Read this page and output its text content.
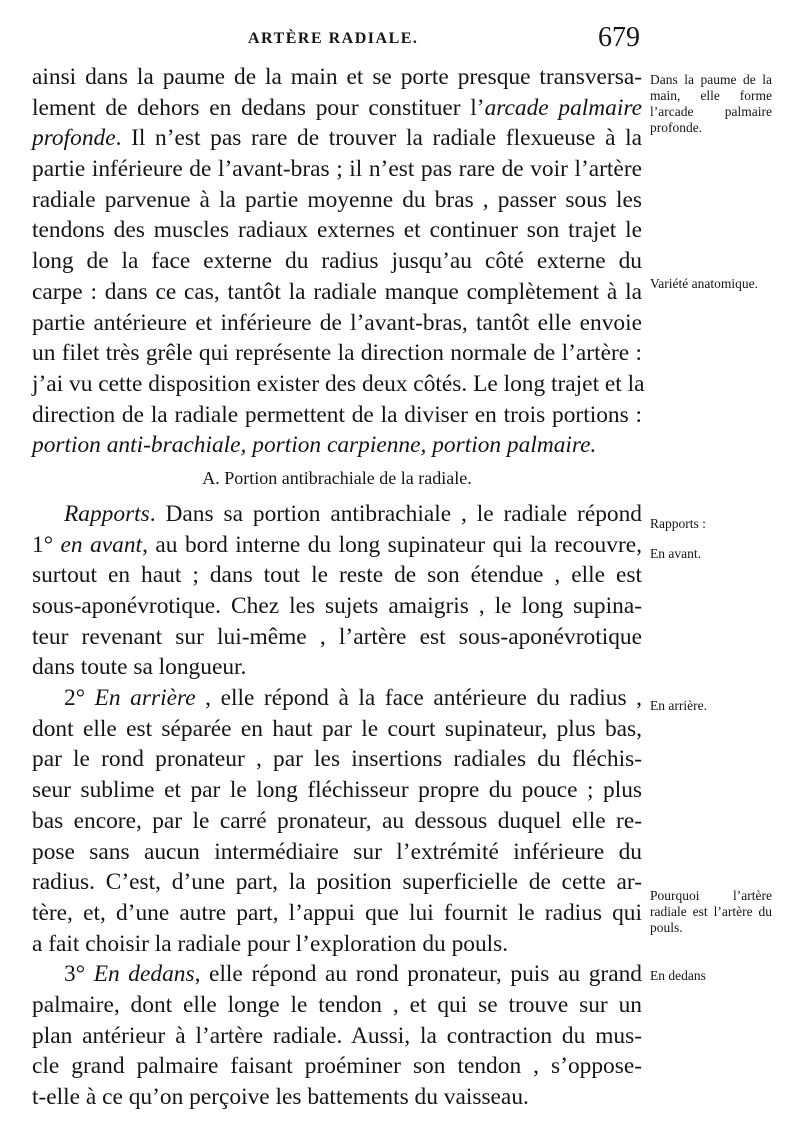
ARTÈRE RADIALE.	679
ainsi dans la paume de la main et se porte presque transversa-
lement de dehors en dedans pour constituer l’arcade palmaire
profonde. Il n’est pas rare de trouver la radiale flexueuse à la
partie inférieure de l’avant-bras ; il n’est pas rare de voir l’artère
radiale parvenue à la partie moyenne du bras , passer sous les
tendons des muscles radiaux externes et continuer son trajet le
long de la face externe du radius jusqu’au côté externe du
carpe : dans ce cas, tantôt la radiale manque complètement à la
partie antérieure et inférieure de l’avant-bras, tantôt elle envoie
un filet très grêle qui représente la direction normale de l’artère :
j’ai vu cette disposition exister des deux côtés. Le long trajet et la
direction de la radiale permettent de la diviser en trois portions :
portion anti-brachiale, portion carpienne, portion palmaire.
A. Portion antibrachiale de la radiale.
Rapports. Dans sa portion antibrachiale , le radiale répond
1° en avant, au bord interne du long supinateur qui la recouvre,
surtout en haut ; dans tout le reste de son étendue , elle est
sous-aponévrotique. Chez les sujets amaigris , le long supina-
teur revenant sur lui-même , l’artère est sous-aponévrotique
dans toute sa longueur.
2° En arrière , elle répond à la face antérieure du radius ,
dont elle est séparée en haut par le court supinateur, plus bas,
par le rond pronateur , par les insertions radiales du fléchis-
seur sublime et par le long fléchisseur propre du pouce ; plus
bas encore, par le carré pronateur, au dessous duquel elle re-
pose sans aucun intermédiaire sur l’extrémité inférieure du
radius. C’est, d’une part, la position superficielle de cette ar-
tère, et, d’une autre part, l’appui que lui fournit le radius qui
a fait choisir la radiale pour l’exploration du pouls.
3° En dedans, elle répond au rond pronateur, puis au grand
palmaire, dont elle longe le tendon , et qui se trouve sur un
plan antérieur à l’artère radiale. Aussi, la contraction du mus-
cle grand palmaire faisant proéminer son tendon , s’oppose-
t-elle à ce qu’on perçoive les battements du vaisseau.
Dans la paume de la main, elle forme l’arcade palmaire profonde.
Variété anatomique.
Rapports :
En avant.
En arrière.
Pourquoi l’artère radiale est l’artère du pouls.
En dedans
